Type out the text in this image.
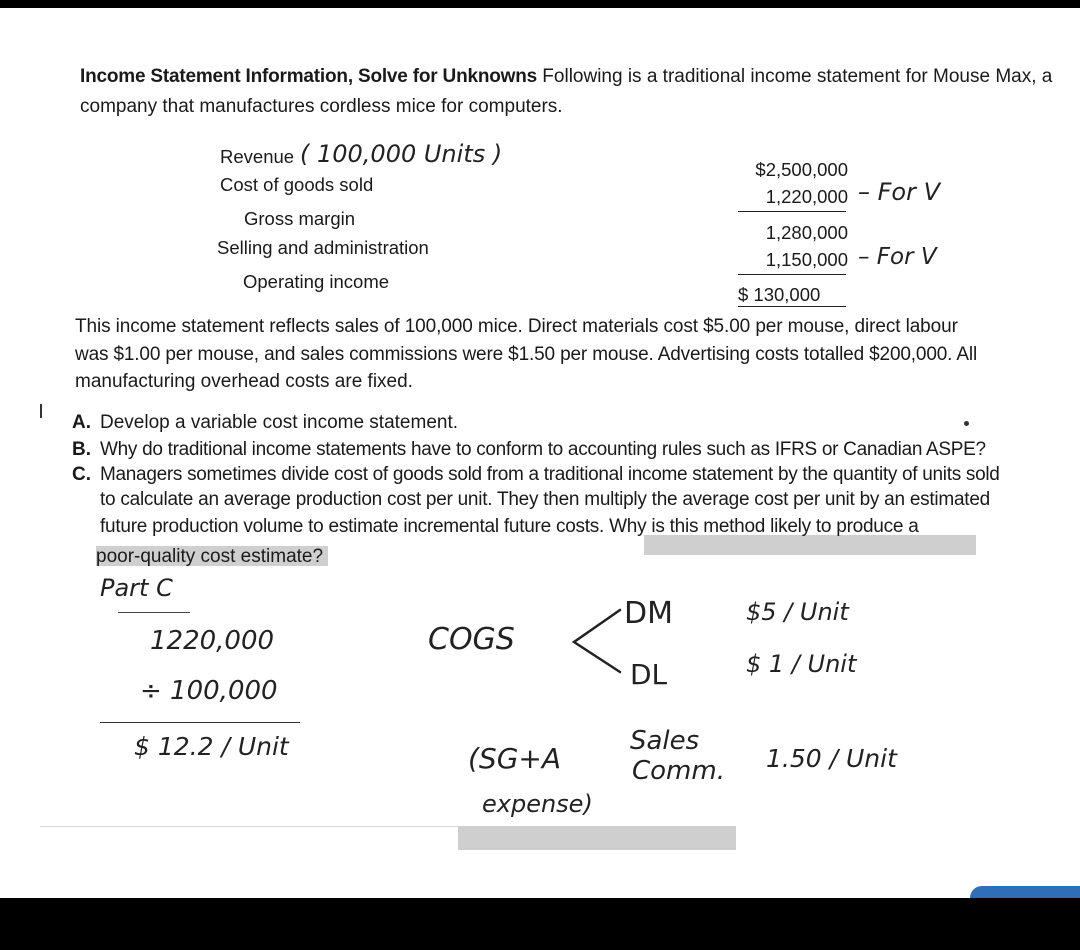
Income Statement Information, Solve for Unknowns Following is a traditional income statement for Mouse Max, a
company that manufactures cordless mice for computers.
Revenue
Cost of goods sold
Gross margin
Selling and administration
Operating income
$2,500,000
1,220,000
1,280,000
1,150,000
$ 130,000
This income statement reflects sales of 100,000 mice. Direct materials cost $5.00 per mouse, direct labour
was $1.00 per mouse, and sales commissions were $1.50 per mouse. Advertising costs totalled $200,000. All
manufacturing overhead costs are fixed.
A. Develop a variable cost income statement.
B. Why do traditional income statements have to conform to accounting rules such as IFRS or Canadian ASPE?
C. Managers sometimes divide cost of goods sold from a traditional income statement by the quantity of units sold
to calculate an average production cost per unit. They then multiply the average cost per unit by an estimated
future production volume to estimate incremental future costs. Why is this method likely to produce a
poor-quality cost estimate?
( 100,000 Units )
– For V
– For V
Part C
1220,000
÷ 100,000
$ 12.2 / Unit
COGS
DM	$5 / Unit
DL	$ 1 / Unit
(SG+A
expense)
Sales
Comm. 1.50 / Unit
